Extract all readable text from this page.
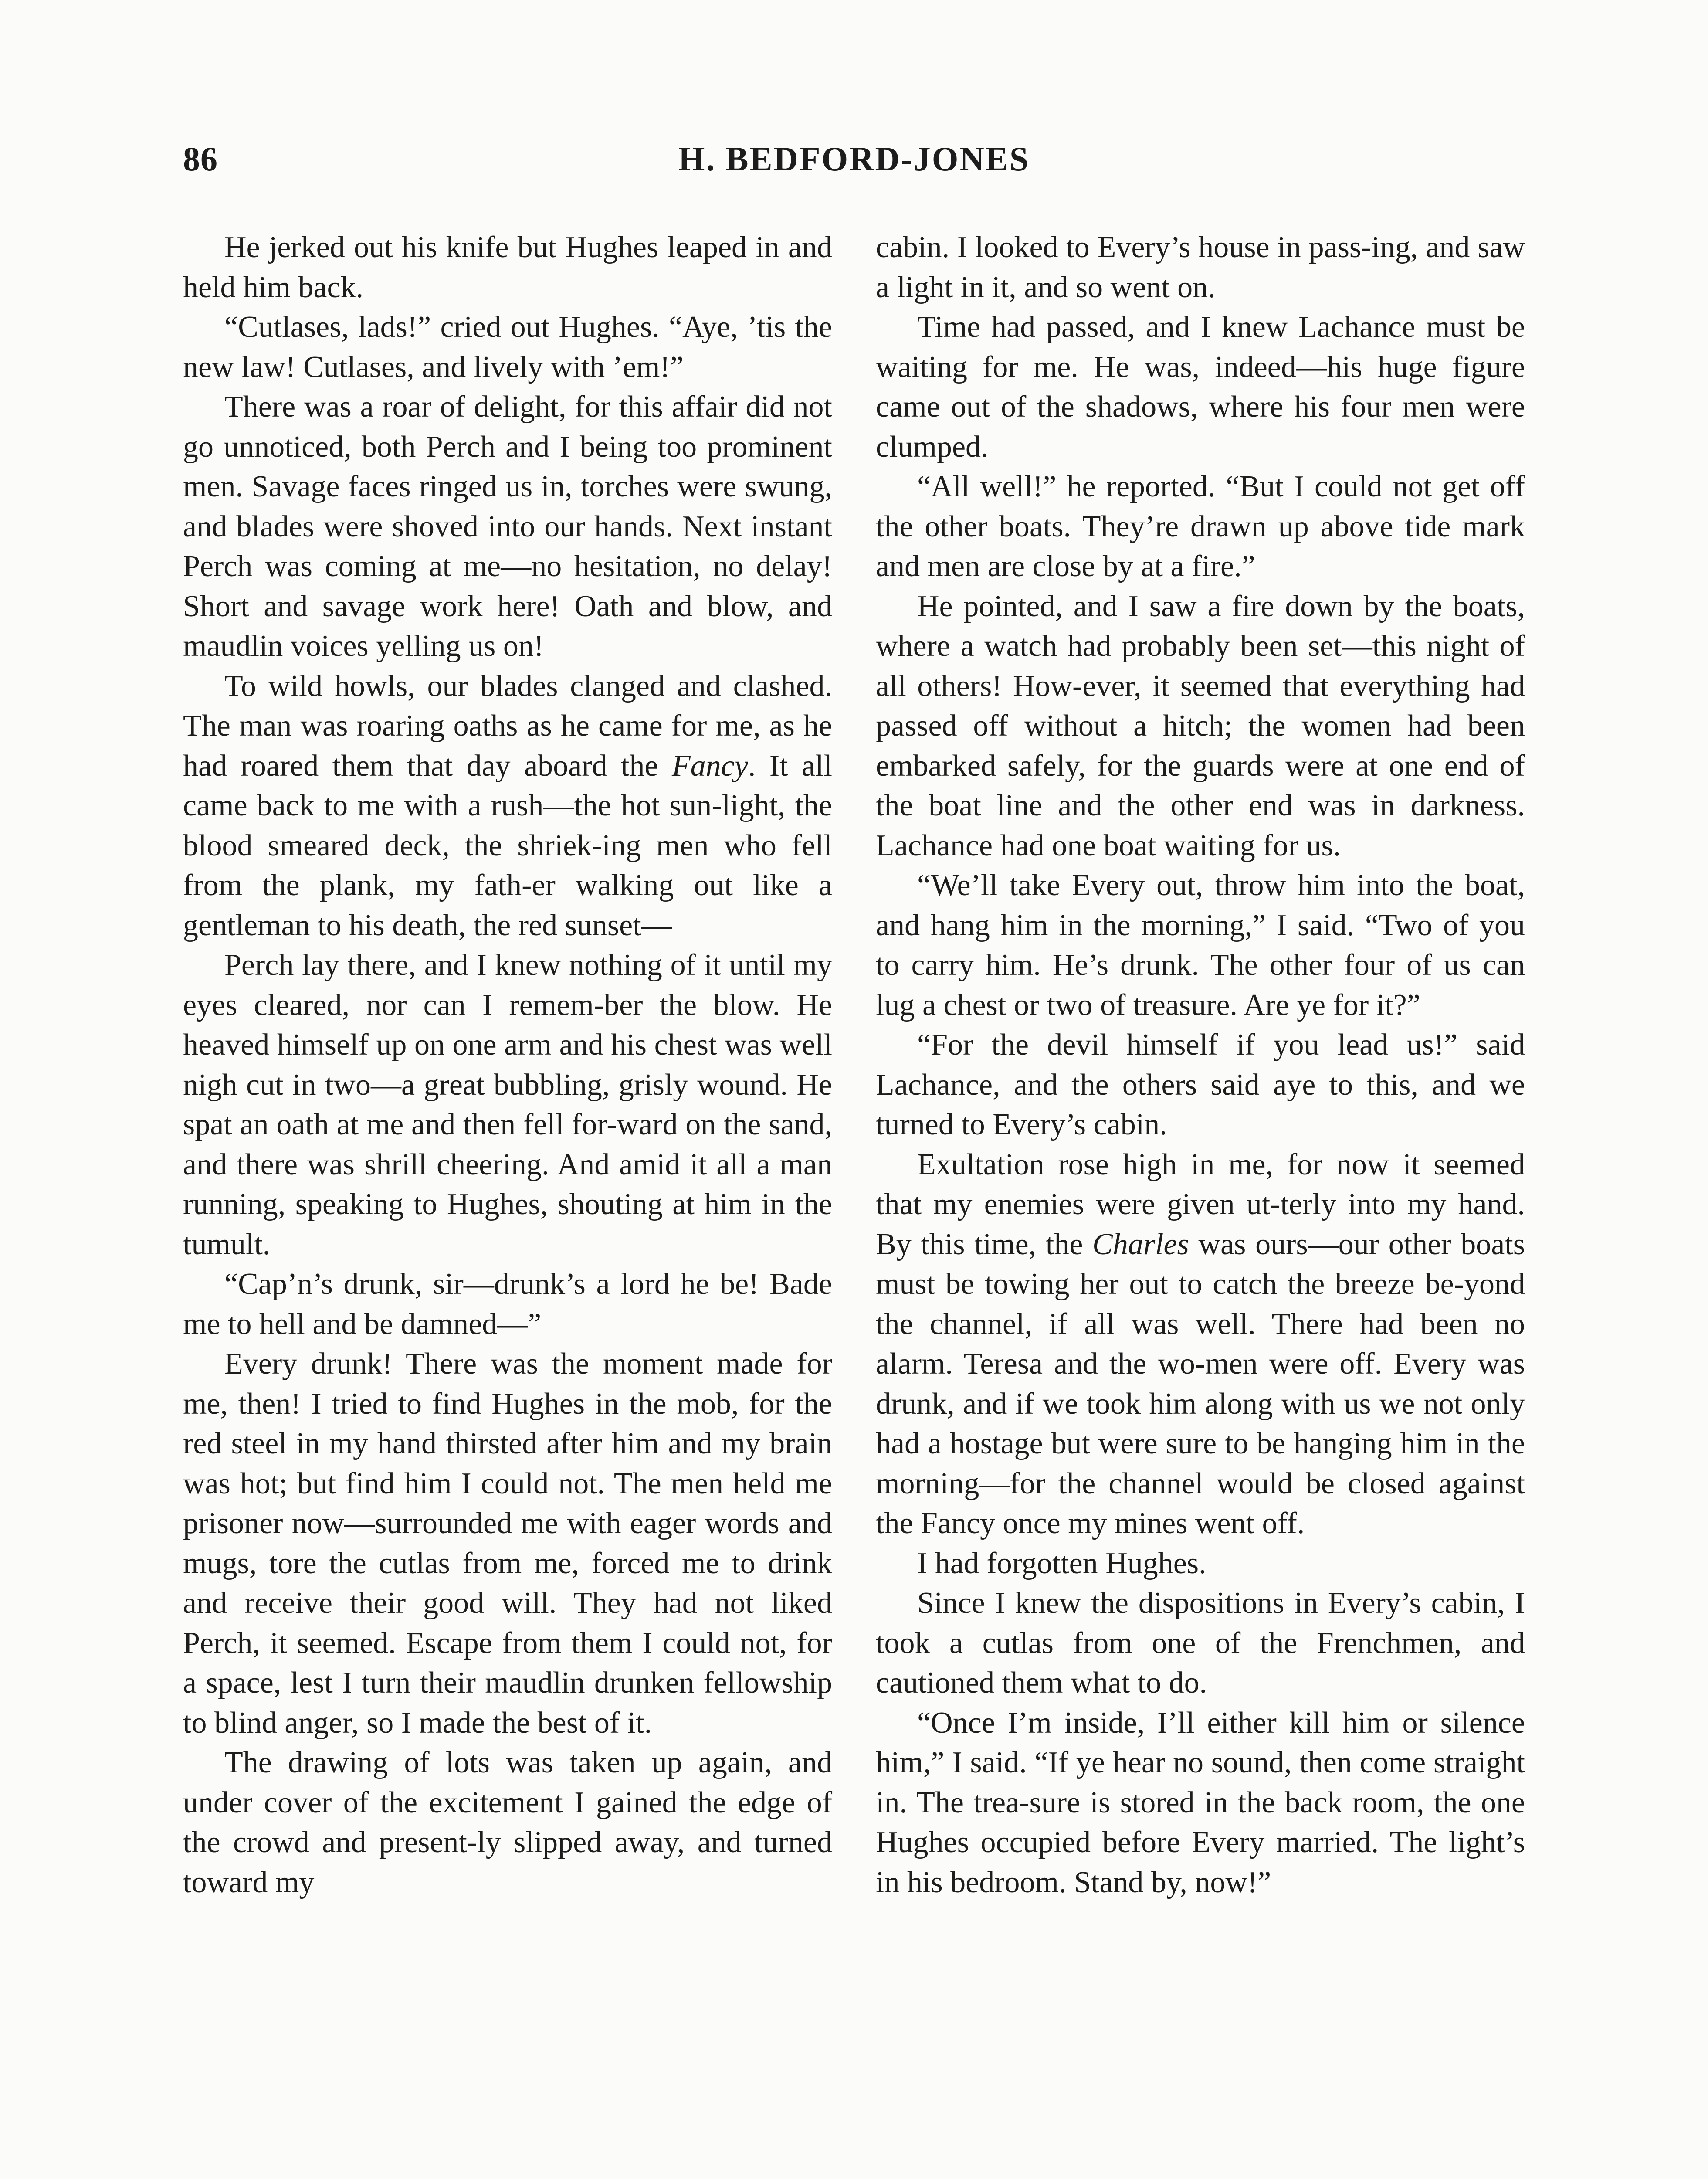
86	H. BEDFORD-JONES

He jerked out his knife but Hughes leaped in and held him back.

“Cutlases, lads!” cried out Hughes. “Aye, ’tis the new law! Cutlases, and lively with ’em!”

There was a roar of delight, for this affair did not go unnoticed, both Perch and I being too prominent men. Savage faces ringed us in, torches were swung, and blades were shoved into our hands. Next instant Perch was coming at me—no hesitation, no delay! Short and savage work here! Oath and blow, and maudlin voices yelling us on!

To wild howls, our blades clanged and clashed. The man was roaring oaths as he came for me, as he had roared them that day aboard the Fancy. It all came back to me with a rush—the hot sun-light, the blood smeared deck, the shriek-ing men who fell from the plank, my fath-er walking out like a gentleman to his death, the red sunset—

Perch lay there, and I knew nothing of it until my eyes cleared, nor can I remem-ber the blow. He heaved himself up on one arm and his chest was well nigh cut in two—a great bubbling, grisly wound. He spat an oath at me and then fell for-ward on the sand, and there was shrill cheering. And amid it all a man running, speaking to Hughes, shouting at him in the tumult.

“Cap’n’s drunk, sir—drunk’s a lord he be! Bade me to hell and be damned—”

Every drunk! There was the moment made for me, then! I tried to find Hughes in the mob, for the red steel in my hand thirsted after him and my brain was hot; but find him I could not. The men held me prisoner now—surrounded me with eager words and mugs, tore the cutlas from me, forced me to drink and receive their good will. They had not liked Perch, it seemed. Escape from them I could not, for a space, lest I turn their maudlin drunken fellowship to blind anger, so I made the best of it.

The drawing of lots was taken up again, and under cover of the excitement I gained the edge of the crowd and present-ly slipped away, and turned toward my

cabin. I looked to Every’s house in pass-ing, and saw a light in it, and so went on.

Time had passed, and I knew Lachance must be waiting for me. He was, indeed—his huge figure came out of the shadows, where his four men were clumped.

“All well!” he reported. “But I could not get off the other boats. They’re drawn up above tide mark and men are close by at a fire.”

He pointed, and I saw a fire down by the boats, where a watch had probably been set—this night of all others! How-ever, it seemed that everything had passed off without a hitch; the women had been embarked safely, for the guards were at one end of the boat line and the other end was in darkness. Lachance had one boat waiting for us.

“We’ll take Every out, throw him into the boat, and hang him in the morning,” I said. “Two of you to carry him. He’s drunk. The other four of us can lug a chest or two of treasure. Are ye for it?”

“For the devil himself if you lead us!” said Lachance, and the others said aye to this, and we turned to Every’s cabin.

Exultation rose high in me, for now it seemed that my enemies were given ut-terly into my hand. By this time, the Charles was ours—our other boats must be towing her out to catch the breeze be-yond the channel, if all was well. There had been no alarm. Teresa and the wo-men were off. Every was drunk, and if we took him along with us we not only had a hostage but were sure to be hanging him in the morning—for the channel would be closed against the Fancy once my mines went off.

I had forgotten Hughes.

Since I knew the dispositions in Every’s cabin, I took a cutlas from one of the Frenchmen, and cautioned them what to do.

“Once I’m inside, I’ll either kill him or silence him,” I said. “If ye hear no sound, then come straight in. The trea-sure is stored in the back room, the one Hughes occupied before Every married. The light’s in his bedroom. Stand by, now!”
